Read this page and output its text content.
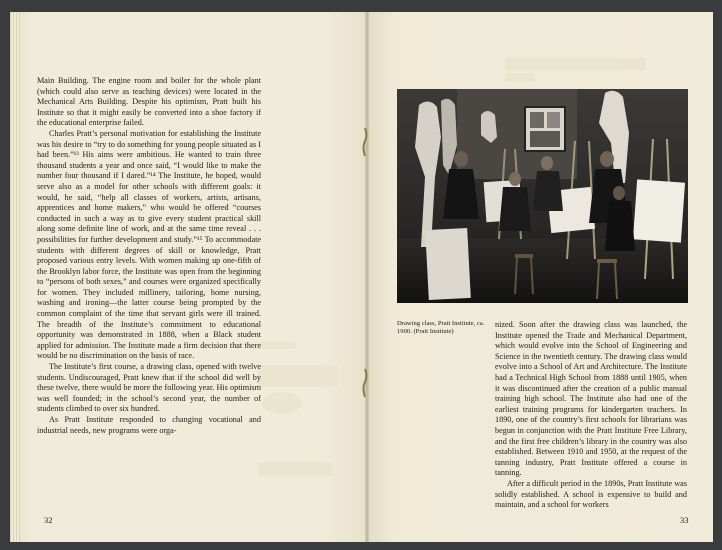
Main Building. The engine room and boiler for the whole plant (which could also serve as teaching devices) were located in the Mechanical Arts Building. Despite his optimism, Pratt built his Institute so that it might easily be converted into a shoe factory if the educational enterprise failed.

Charles Pratt’s personal motivation for establishing the Institute was his desire to “try to do something for young people situated as I had been.”¹³ His aims were ambitious. He wanted to train three thousand students a year and once said, “I would like to make the number four thousand if I dared.”¹⁴ The Institute, he hoped, would serve also as a model for other schools with different goals: it would, he said, “help all classes of workers, artists, artisans, apprentices and home makers,” who would be offered “courses conducted in such a way as to give every student practical skill along some definite line of work, and at the same time reveal . . . possibilities for further development and study.”¹⁵ To accommodate students with different degrees of skill or knowledge, Pratt proposed various entry levels. With women making up one-fifth of the Brooklyn labor force, the Institute was open from the beginning to “persons of both sexes,” and courses were organized specifically for women. They included millinery, tailoring, home nursing, washing and ironing—the latter course being prompted by the common complaint of the time that servant girls were ill trained. The breadth of the Institute’s commitment to educational opportunity was demonstrated in 1888, when a Black student applied for admission. The Institute made a firm decision that there would be no discrimination on the basis of race.

The Institute’s first course, a drawing class, opened with twelve students. Undiscouraged, Pratt knew that if the school did well by these twelve, there would be more the following year. His optimism was well founded; in the school’s second year, the number of students climbed to over six hundred.

As Pratt Institute responded to changing vocational and industrial needs, new programs were orga-

32
Drawing class, Pratt Institute, ca. 1900. (Pratt Institute)

nized. Soon after the drawing class was launched, the Institute opened the Trade and Mechanical Department, which would evolve into the School of Engineering and Science in the twentieth century. The drawing class would evolve into a School of Art and Architecture. The Institute had a Technical High School from 1888 until 1905, when it was discontinued after the creation of a public manual training high school. The Institute also had one of the earliest training programs for kindergarten teachers. In 1890, one of the country’s first schools for librarians was begun in conjunction with the Pratt Institute Free Library, and the first free children’s library in the country was also established. Between 1910 and 1950, at the request of the tanning industry, Pratt Institute offered a course in tanning.

After a difficult period in the 1890s, Pratt Institute was solidly established. A school is expensive to build and maintain, and a school for workers

33
